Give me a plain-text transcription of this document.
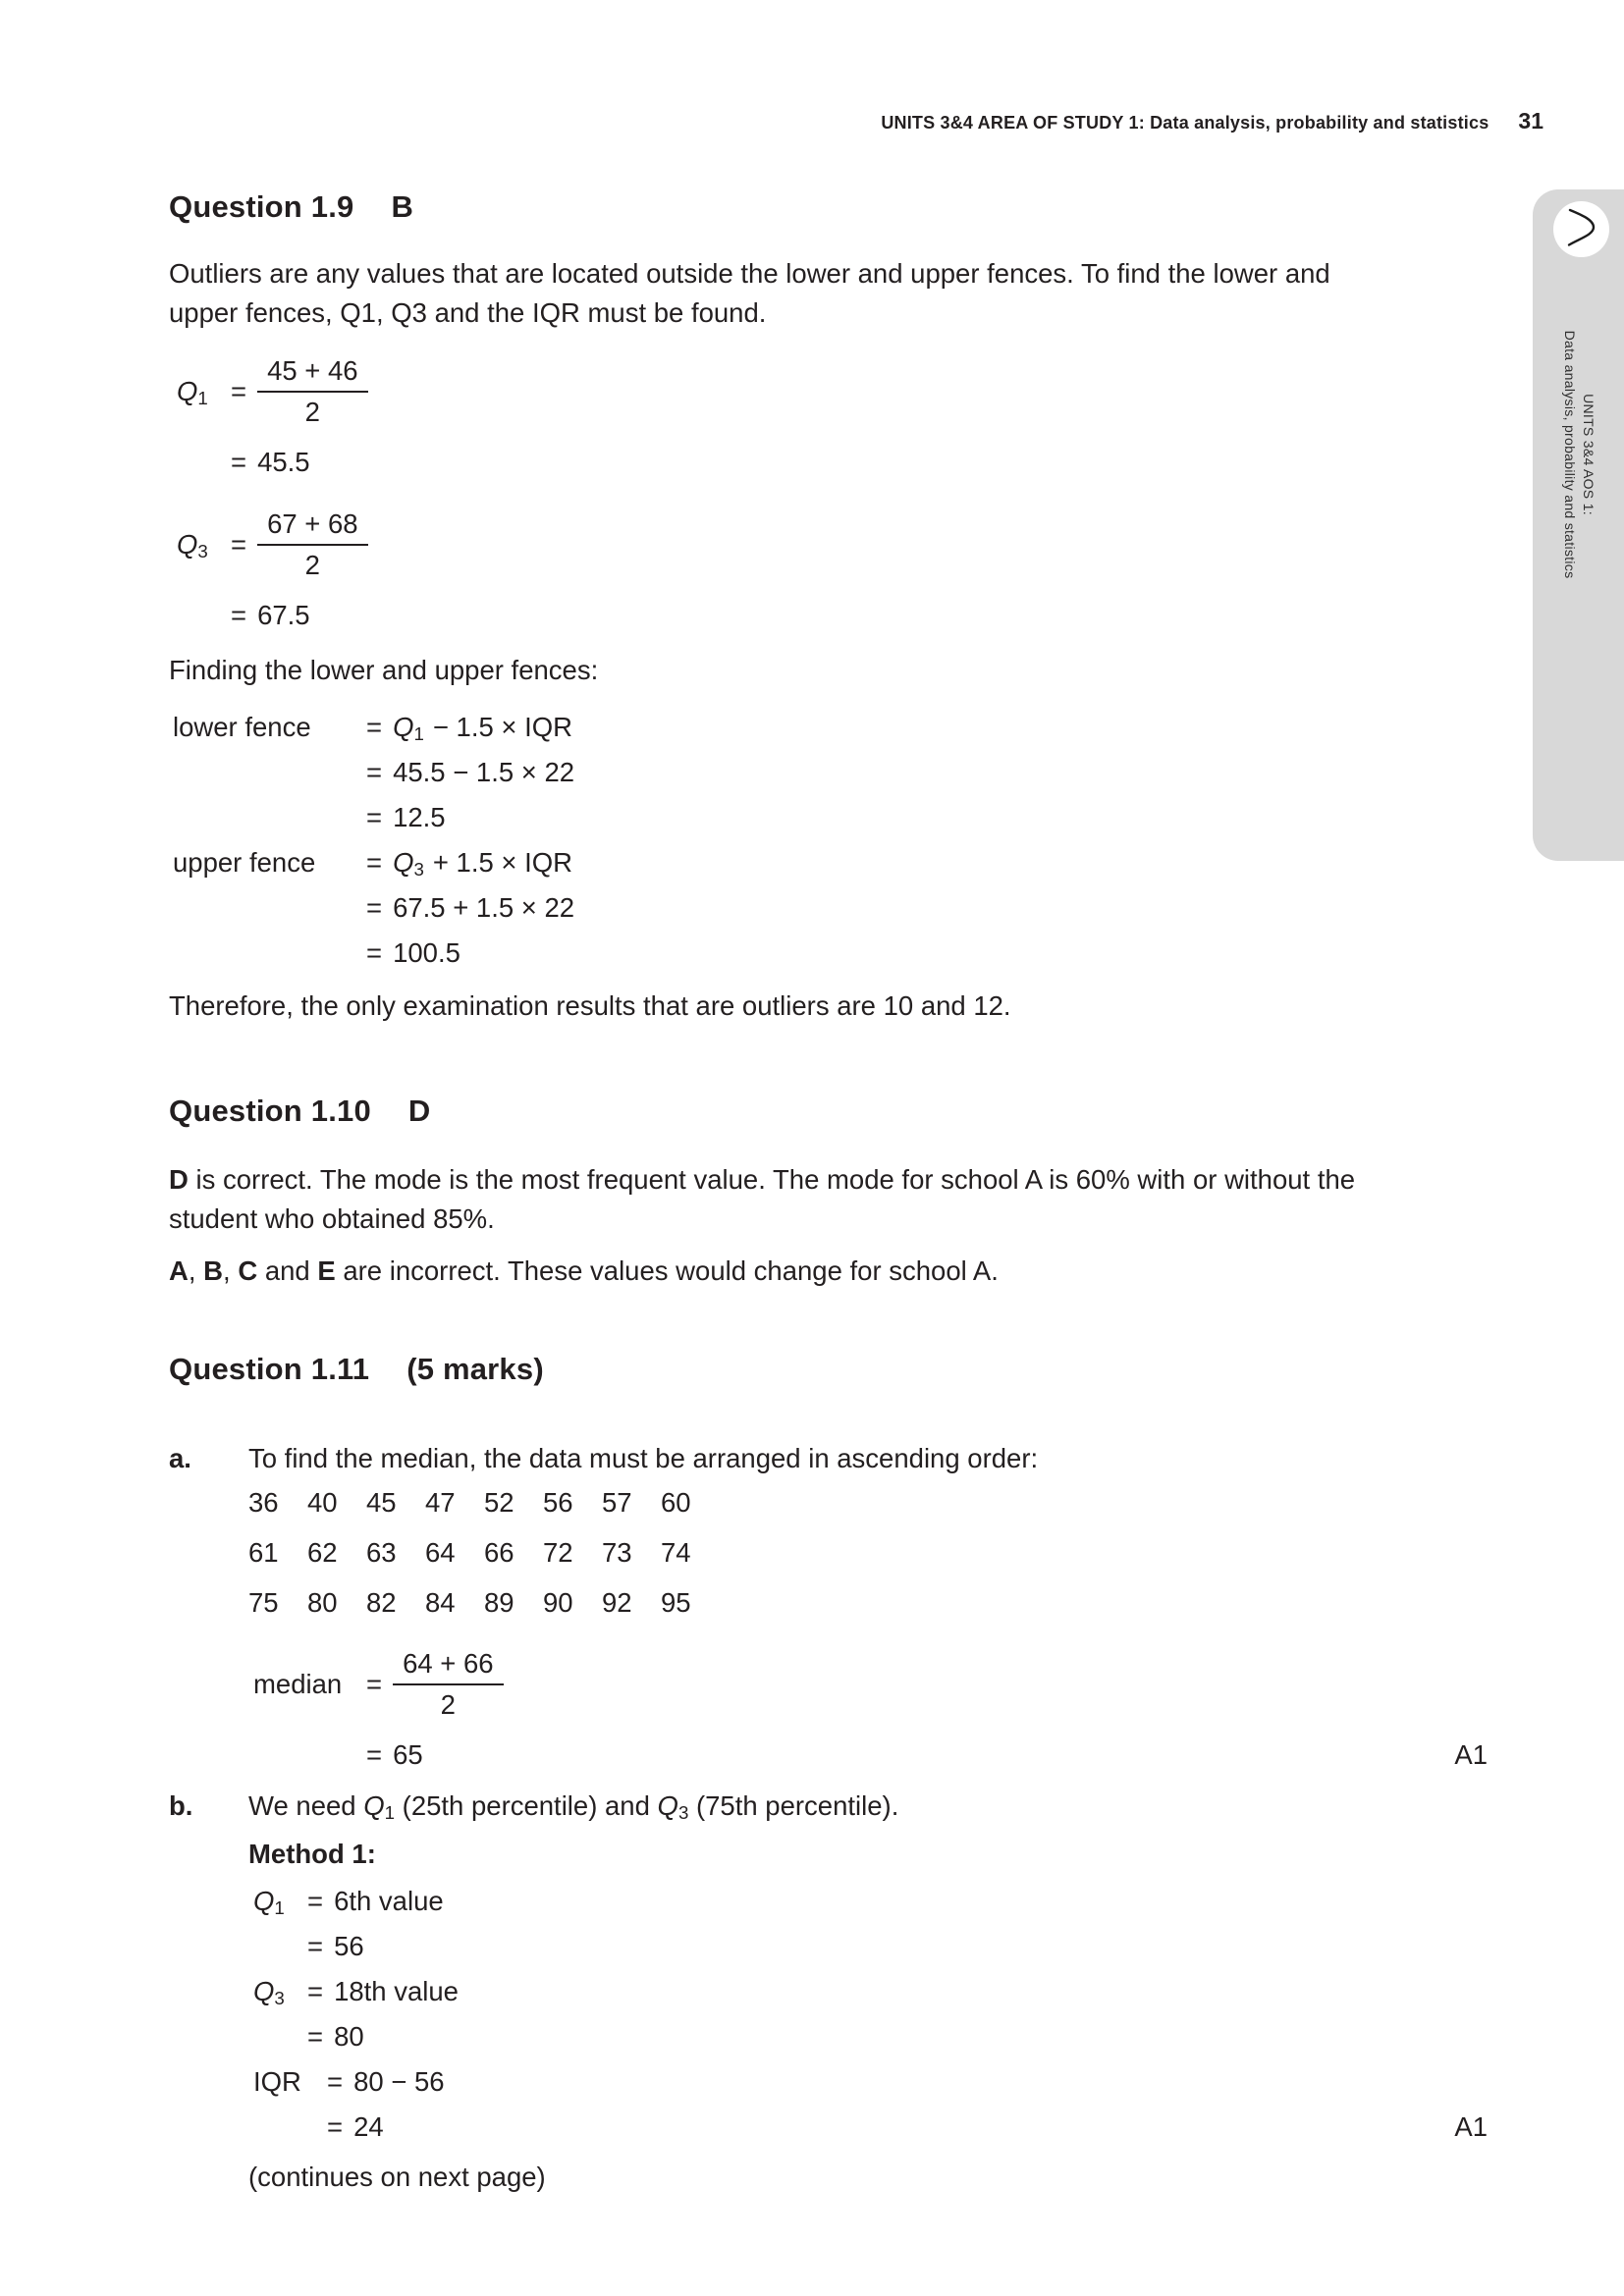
UNITS 3&4 AREA OF STUDY 1: Data analysis, probability and statistics 31
UNITS 3&4 AOS 1:
Data analysis, probability and statistics
Question 1.9 B
Outliers are any values that are located outside the lower and upper fences. To find the lower and upper fences, Q1, Q3 and the IQR must be found.
$Q_1 = \frac{45 + 46}{2}$
= 45.5
$Q_3 = \frac{67 + 68}{2}$
= 67.5
Finding the lower and upper fences:
lower fence	= $Q_1 - 1.5$ × IQR
= 45.5 − 1.5 × 22
= 12.5
upper fence	= $Q_3 + 1.5$ × IQR
= 67.5 + 1.5 × 22
= 100.5
Therefore, the only examination results that are outliers are 10 and 12.
Question 1.10 D
D is correct. The mode is the most frequent value. The mode for school A is 60% with or without the student who obtained 85%.
A, B, C and E are incorrect. These values would change for school A.
Question 1.11 (5 marks)
a.	To find the median, the data must be arranged in ascending order:
36	40	45	47	52	56	57	60
61	62	63	64	66	72	73	74
75	80	82	84	89	90	92	95
median = $\frac{64 + 66}{2}$
= 65	A1
b.	We need $Q_1$ (25th percentile) and $Q_3$ (75th percentile).
Method 1:
$Q_1 = 6th$ value
= 56
$Q_3 = 18th$ value
= 80
IQR = 80 − 56
= 24	A1
(continues on next page)
